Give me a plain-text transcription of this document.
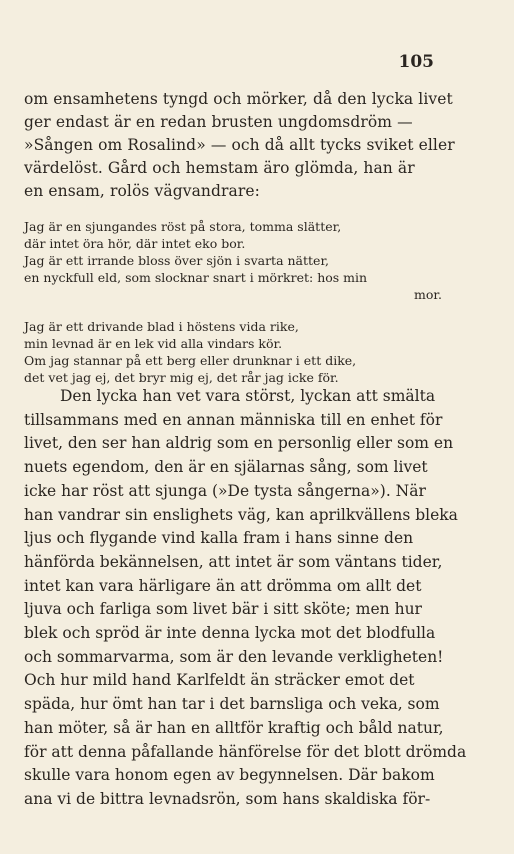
105
om ensamhetens tyngd och mörker, då den lycka livet
ger endast är en redan brusten ungdomsdröm —
»Sången om Rosalind» — och då allt tycks sviket eller
värdelöst. Gård och hemstam äro glömda, han är
en ensam, rolös vägvandrare:
Jag är en sjungandes röst på stora, tomma slätter,
där intet öra hör, där intet eko bor.
Jag är ett irrande bloss över sjön i svarta nätter,
en nyckfull eld, som slocknar snart i mörkret: hos min
mor.
Jag är ett drivande blad i höstens vida rike,
min levnad är en lek vid alla vindars kör.
Om jag stannar på ett berg eller drunknar i ett dike,
det vet jag ej, det bryr mig ej, det rår jag icke för.
Den lycka han vet vara störst, lyckan att smälta
tillsammans med en annan människa till en enhet för
livet, den ser han aldrig som en personlig eller som en
nuets egendom, den är en själarnas sång, som livet
icke har röst att sjunga (»De tysta sångerna»). När
han vandrar sin enslighets väg, kan aprilkvällens bleka
ljus och flygande vind kalla fram i hans sinne den
hänförda bekännelsen, att intet är som väntans tider,
intet kan vara härligare än att drömma om allt det
ljuva och farliga som livet bär i sitt sköte; men hur
blek och spröd är inte denna lycka mot det blodfulla
och sommarvarma, som är den levande verkligheten!
Och hur mild hand Karlfeldt än sträcker emot det
späda, hur ömt han tar i det barnsliga och veka, som
han möter, så är han en alltför kraftig och båld natur,
för att denna påfallande hänförelse för det blott drömda
skulle vara honom egen av begynnelsen. Där bakom
ana vi de bittra levnadsrön, som hans skaldiska för-
